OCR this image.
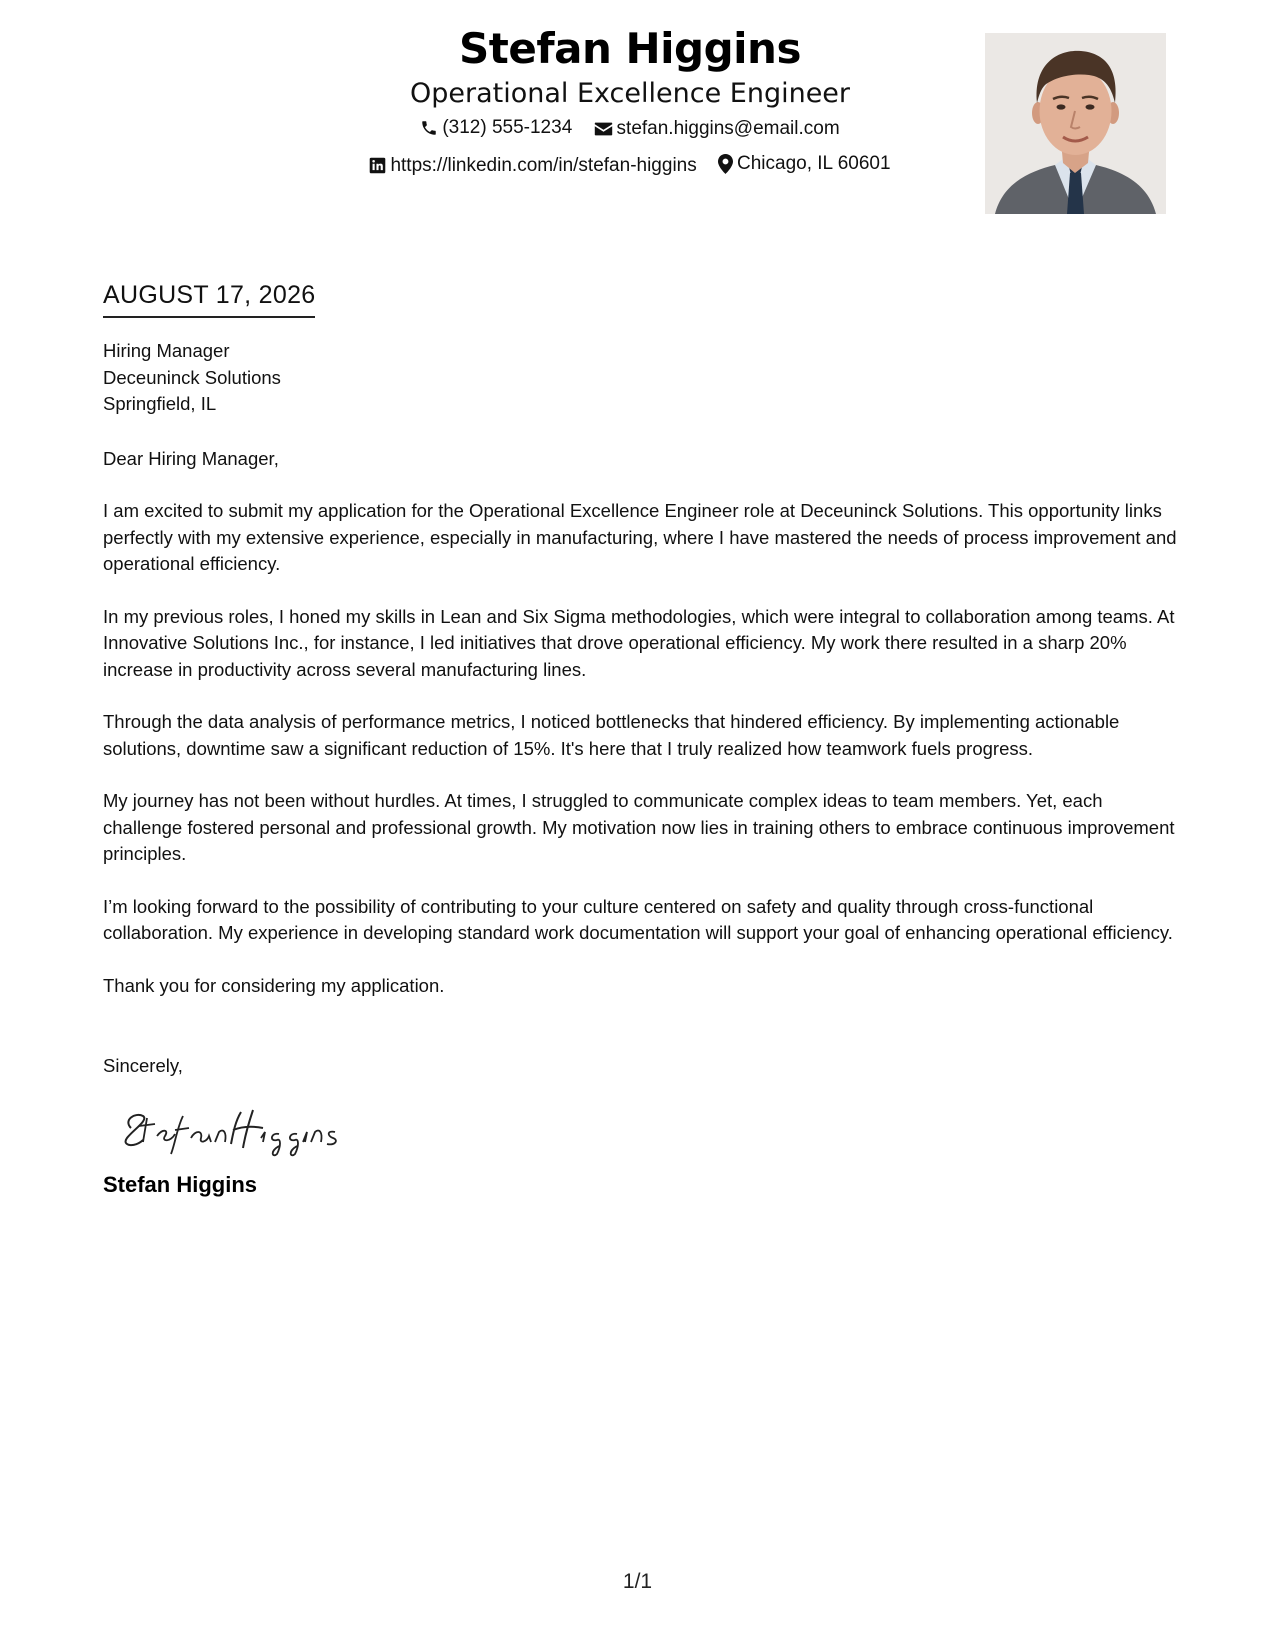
Stefan Higgins
Operational Excellence Engineer
(312) 555-1234
stefan.higgins@email.com
https://linkedin.com/in/stefan-higgins
Chicago, IL 60601
AUGUST 17, 2026
Hiring Manager
Deceuninck Solutions
Springfield, IL
Dear Hiring Manager,

I am excited to submit my application for the Operational Excellence Engineer role at Deceuninck Solutions. This opportunity links perfectly with my extensive experience, especially in manufacturing, where I have mastered the needs of process improvement and operational efficiency.

In my previous roles, I honed my skills in Lean and Six Sigma methodologies, which were integral to collaboration among teams. At Innovative Solutions Inc., for instance, I led initiatives that drove operational efficiency. My work there resulted in a sharp 20% increase in productivity across several manufacturing lines.

Through the data analysis of performance metrics, I noticed bottlenecks that hindered efficiency. By implementing actionable solutions, downtime saw a significant reduction of 15%. It's here that I truly realized how teamwork fuels progress.

My journey has not been without hurdles. At times, I struggled to communicate complex ideas to team members. Yet, each challenge fostered personal and professional growth. My motivation now lies in training others to embrace continuous improvement principles.

I’m looking forward to the possibility of contributing to your culture centered on safety and quality through cross-functional collaboration. My experience in developing standard work documentation will support your goal of enhancing operational efficiency.

Thank you for considering my application.

Sincerely,
Stefan Higgins
1/1
